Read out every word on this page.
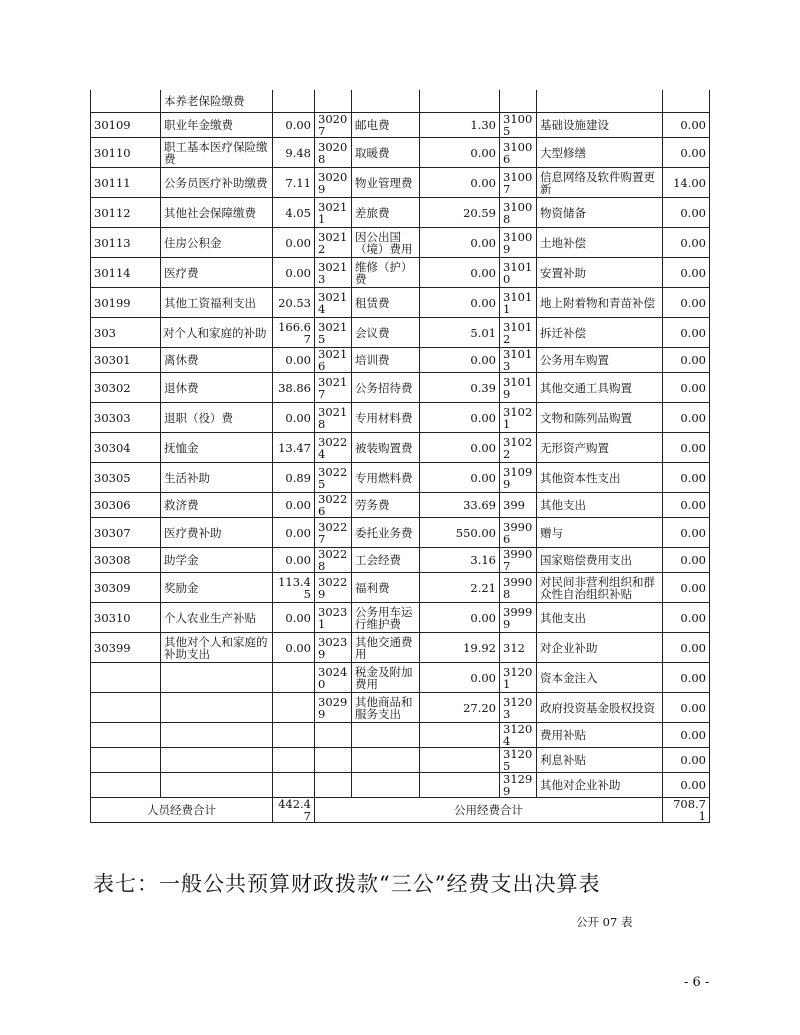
	本养老保险缴费							
30109	职业年金缴费	0.00	30207	邮电费	1.30	31005	基础设施建设	0.00
30110	职工基本医疗保险缴费	9.48	30208	取暖费	0.00	31006	大型修缮	0.00
30111	公务员医疗补助缴费	7.11	30209	物业管理费	0.00	31007	信息网络及软件购置更新	14.00
30112	其他社会保障缴费	4.05	30211	差旅费	20.59	31008	物资储备	0.00
30113	住房公积金	0.00	30212	因公出国（境）费用	0.00	31009	土地补偿	0.00
30114	医疗费	0.00	30213	维修（护）费	0.00	31010	安置补助	0.00
30199	其他工资福利支出	20.53	30214	租赁费	0.00	31011	地上附着物和青苗补偿	0.00
303	对个人和家庭的补助	166.67	30215	会议费	5.01	31012	拆迁补偿	0.00
30301	离休费	0.00	30216	培训费	0.00	31013	公务用车购置	0.00
30302	退休费	38.86	30217	公务招待费	0.39	31019	其他交通工具购置	0.00
30303	退职（役）费	0.00	30218	专用材料费	0.00	31021	文物和陈列品购置	0.00
30304	抚恤金	13.47	30224	被装购置费	0.00	31022	无形资产购置	0.00
30305	生活补助	0.89	30225	专用燃料费	0.00	31099	其他资本性支出	0.00
30306	救济费	0.00	30226	劳务费	33.69	399	其他支出	0.00
30307	医疗费补助	0.00	30227	委托业务费	550.00	39906	赠与	0.00
30308	助学金	0.00	30228	工会经费	3.16	39907	国家赔偿费用支出	0.00
30309	奖励金	113.45	30229	福利费	2.21	39908	对民间非营利组织和群众性自治组织补贴	0.00
30310	个人农业生产补贴	0.00	30231	公务用车运行维护费	0.00	39999	其他支出	0.00
30399	其他对个人和家庭的补助支出	0.00	30239	其他交通费用	19.92	312	对企业补助	0.00
			30240	税金及附加费用	0.00	31201	资本金注入	0.00
			30299	其他商品和服务支出	27.20	31203	政府投资基金股权投资	0.00
						31204	费用补贴	0.00
						31205	利息补贴	0.00
						31299	其他对企业补助	0.00
人员经费合计		442.47	公用经费合计					708.71
表七：一般公共预算财政拨款“三公”经费支出决算表
公开 07 表
- 6 -
